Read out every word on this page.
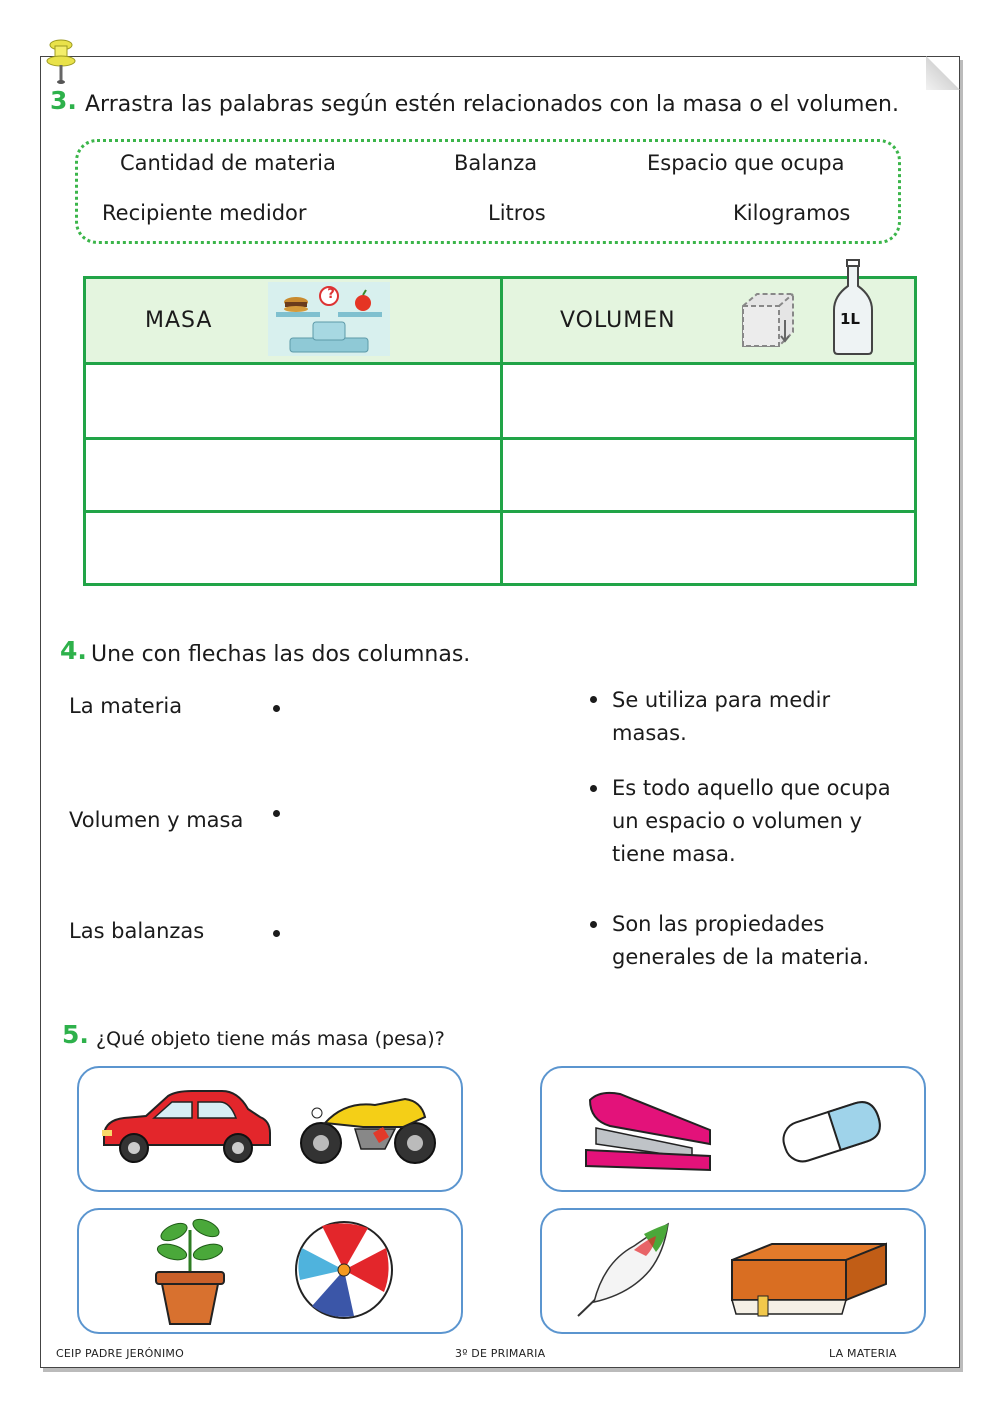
3. Arrastra las palabras según estén relacionados con la masa o el volumen.
Cantidad de materia	Balanza	Espacio que ocupa
Recipiente medidor	Litros	Kilogramos
MASA	VOLUMEN
?
1L
4. Une con flechas las dos columnas.
La materia
Volumen y masa
Las balanzas
Se utiliza para medir
masas.
Es todo aquello que ocupa
un espacio o volumen y
tiene masa.
Son las propiedades
generales de la materia.
5. ¿Qué objeto tiene más masa (pesa)?
CEIP PADRE JERÓNIMO	3º DE PRIMARIA	LA MATERIA
